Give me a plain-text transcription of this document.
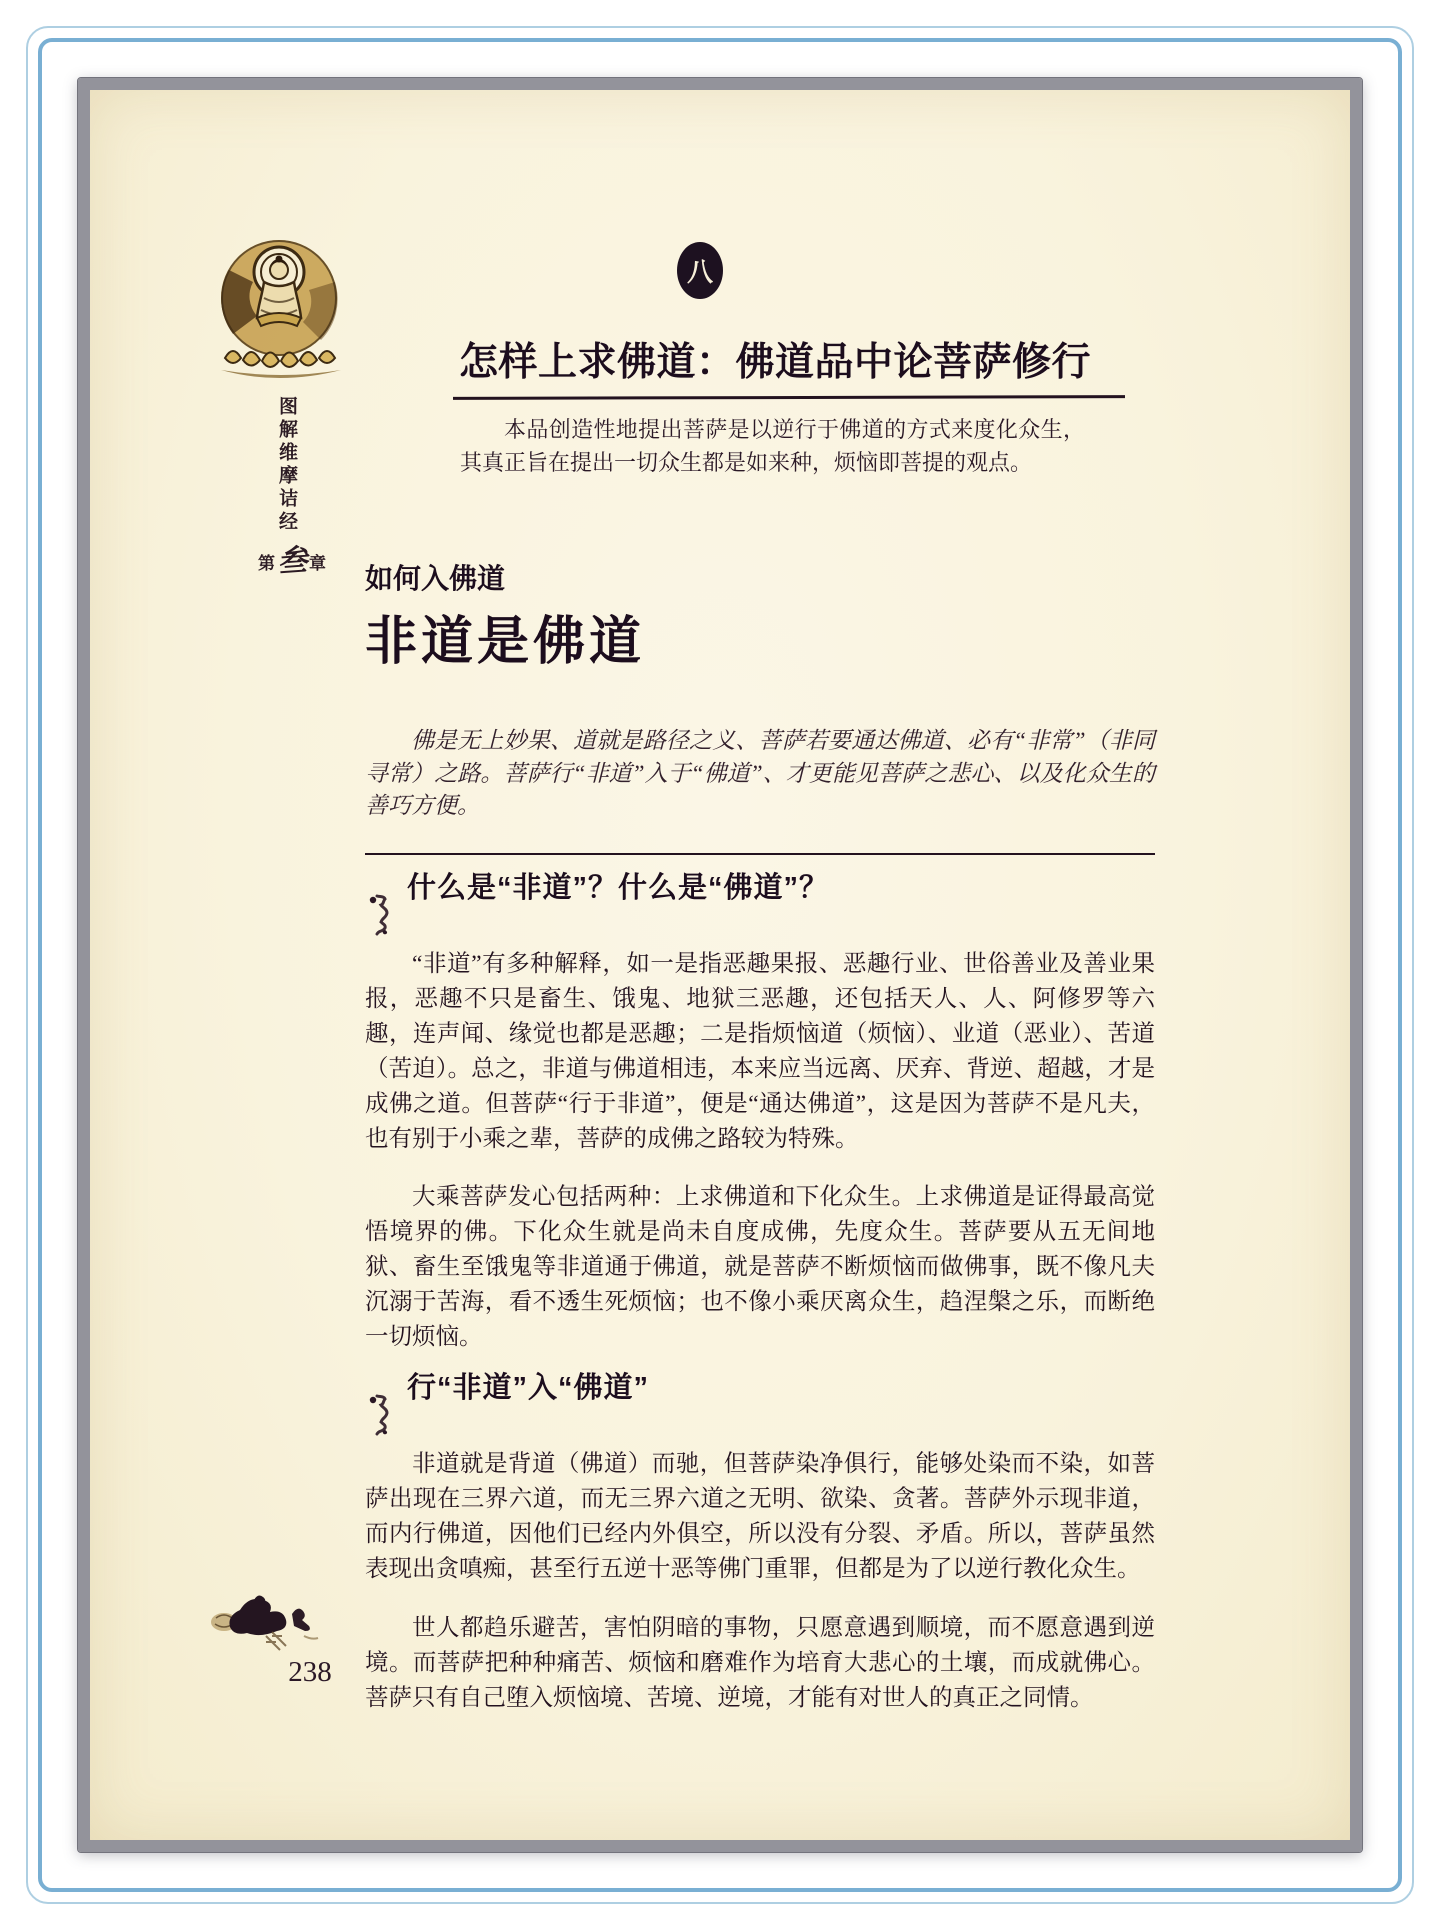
图解维摩诘经
第 叁 章
八
怎样上求佛道：佛道品中论菩萨修行

本品创造性地提出菩萨是以逆行于佛道的方式来度化众生，其真正旨在提出一切众生都是如来种，烦恼即菩提的观点。

如何入佛道
非道是佛道

佛是无上妙果、道就是路径之义、菩萨若要通达佛道、必有“非常”（非同寻常）之路。菩萨行“非道”入于“佛道”、才更能见菩萨之悲心、以及化众生的善巧方便。

什么是“非道”？什么是“佛道”？

“非道”有多种解释，如一是指恶趣果报、恶趣行业、世俗善业及善业果报，恶趣不只是畜生、饿鬼、地狱三恶趣，还包括天人、人、阿修罗等六趣，连声闻、缘觉也都是恶趣；二是指烦恼道（烦恼）、业道（恶业）、苦道（苦迫）。总之，非道与佛道相违，本来应当远离、厌弃、背逆、超越，才是成佛之道。但菩萨“行于非道”，便是“通达佛道”，这是因为菩萨不是凡夫，也有别于小乘之辈，菩萨的成佛之路较为特殊。

大乘菩萨发心包括两种：上求佛道和下化众生。上求佛道是证得最高觉悟境界的佛。下化众生就是尚未自度成佛，先度众生。菩萨要从五无间地狱、畜生至饿鬼等非道通于佛道，就是菩萨不断烦恼而做佛事，既不像凡夫沉溺于苦海，看不透生死烦恼；也不像小乘厌离众生，趋涅槃之乐，而断绝一切烦恼。

行“非道”入“佛道”

非道就是背道（佛道）而驰，但菩萨染净俱行，能够处染而不染，如菩萨出现在三界六道，而无三界六道之无明、欲染、贪著。菩萨外示现非道，而内行佛道，因他们已经内外俱空，所以没有分裂、矛盾。所以，菩萨虽然表现出贪嗔痴，甚至行五逆十恶等佛门重罪，但都是为了以逆行教化众生。

世人都趋乐避苦，害怕阴暗的事物，只愿意遇到顺境，而不愿意遇到逆境。而菩萨把种种痛苦、烦恼和磨难作为培育大悲心的土壤，而成就佛心。菩萨只有自己堕入烦恼境、苦境、逆境，才能有对世人的真正之同情。

238
